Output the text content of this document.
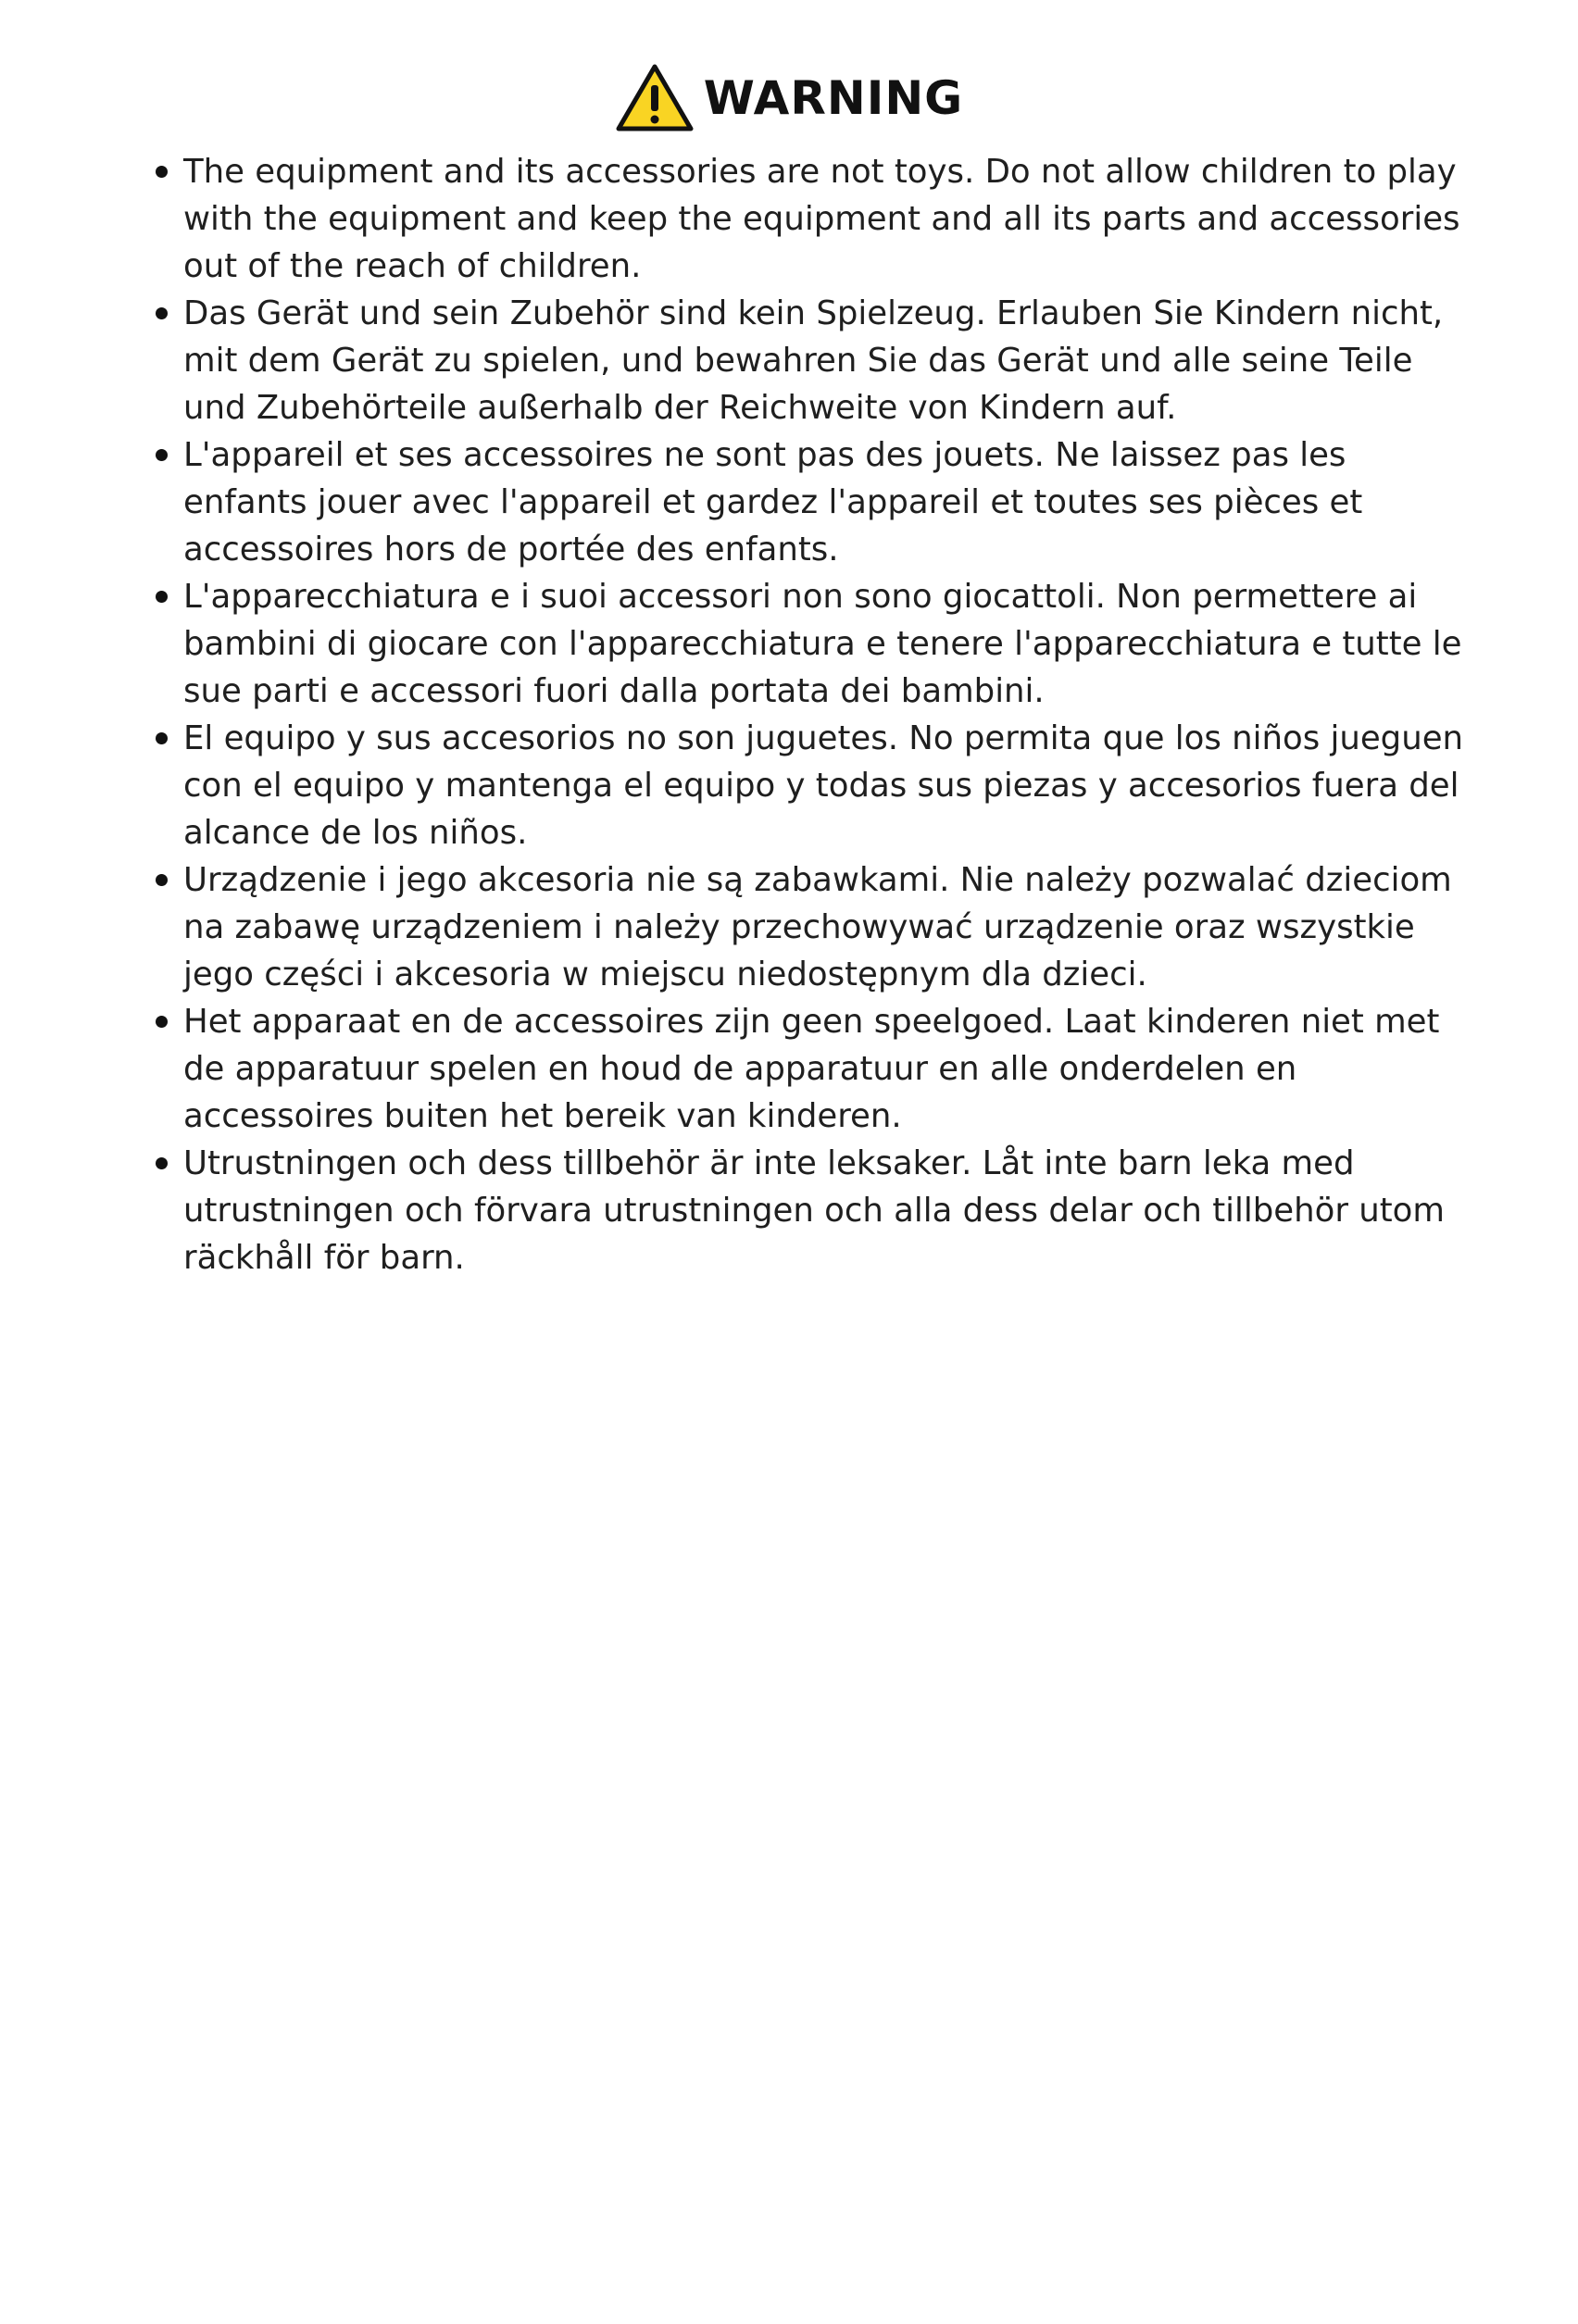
WARNING
The equipment and its accessories are not toys. Do not allow children to play with the equipment and keep the equipment and all its parts and accessories out of the reach of children.
Das Gerät und sein Zubehör sind kein Spielzeug. Erlauben Sie Kindern nicht, mit dem Gerät zu spielen, und bewahren Sie das Gerät und alle seine Teile und Zubehörteile außerhalb der Reichweite von Kindern auf.
L'appareil et ses accessoires ne sont pas des jouets. Ne laissez pas les enfants jouer avec l'appareil et gardez l'appareil et toutes ses pièces et accessoires hors de portée des enfants.
L'apparecchiatura e i suoi accessori non sono giocattoli. Non permettere ai bambini di giocare con l'apparecchiatura e tenere l'apparecchiatura e tutte le sue parti e accessori fuori dalla portata dei bambini.
El equipo y sus accesorios no son juguetes. No permita que los niños jueguen con el equipo y mantenga el equipo y todas sus piezas y accesorios fuera del alcance de los niños.
Urządzenie i jego akcesoria nie są zabawkami. Nie należy pozwalać dzieciom na zabawę urządzeniem i należy przechowywać urządzenie oraz wszystkie jego części i akcesoria w miejscu niedostępnym dla dzieci.
Het apparaat en de accessoires zijn geen speelgoed. Laat kinderen niet met de apparatuur spelen en houd de apparatuur en alle onderdelen en accessoires buiten het bereik van kinderen.
Utrustningen och dess tillbehör är inte leksaker. Låt inte barn leka med utrustningen och förvara utrustningen och alla dess delar och tillbehör utom räckhåll för barn.
